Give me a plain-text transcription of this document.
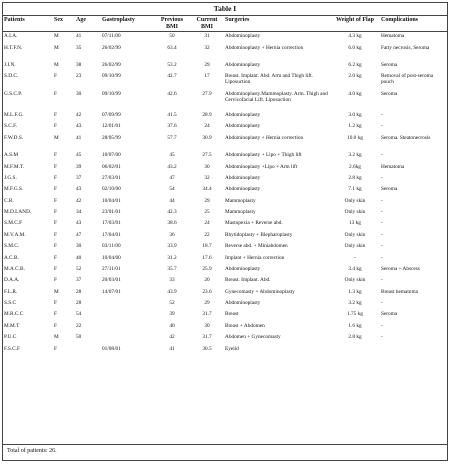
Table I
Patients	Sex	Age	Gastroplasty	Previous BMI	Current BMI	Surgeries	Weight of Flap	Complications
A.I.A.	M	41	07/11/00	50	31	Abdominoplasty	4.3 kg	Hematoma
H.T.F.N.	M	35	26/02/99	63.4	32	Abdominoplasty + Hernia correction	6.0 kg	Fatty necrosis, Seroma
J.I.N.	M	38	26/02/99	53.2	29	Abdominoplasty	6.2 kg	Seroma
S.D.C.	F	23	09/10/99	42.7	17	Breast. Implant. Abd. Arm and Thigh lift. Liposuction	2.0 kg	Removal of post-seroma pouch
G.S.C.P.	F	30	09/10/99	42.6	27.9	Abdominoplasty.Mammoplasty. Arm. Thigh and Cervicofacial Lift. Liposuction	4.0 kg	Seroma
M.L.F.G.	F	42	07/09/99	41.5	28.9	Abdominoplasty	3.0 kg	-
S.C.F.	F	43	12/01/01	37.6	24	Abdominoplasty	1.2 kg	-
F.W.D.S.	M	41	28/05/99	57.7	30.9	Abdominoplasty + Hernia correction	10.0 kg	Seroma. Steatonecrosis
A.S.M	F	45	10/07/00	45	27.5	Abdominoplasty + Lipo + Thigh lift	3.2 kg	-
M.F.M.T.	F	39	06/02/01	43.2	30	Abdominoplasty +Lipo + Arm lift	2.6kg	Hematoma
J.G.S.	F	37	27/03/01	47	32	Abdominoplasty	2.8 kg	-
M.F.G.S.	F	43	02/10/00	54	34.4	Abdominoplasty	7.1 kg	Seroma
C.R.	F	42	10/04/01	44	29	Mammoplasty	Only skin	-
M.D.LAND.	F	34	23/01/01	42.3	25	Mammoplasty	Only skin	-
S.M.C.F	F	43	17/03/01	38.6	24	Mastopexia + Reverse abd.	13 kg	-
M.V.A.M.	F	47	17/04/01	36	22	Rhytidoplasty + Blepharoplasty	Only skin	-
S.M.C.	F	30	03/11/00	33.9	18.7	Reverse abd. + Miniabdomen	Only skin	-
A.C.B.	F	40	10/04/00	31.2	17.6	Implant + Hernia correction	-	-
M.A.C.B.	F	52	27/11/01	35.7	25.9	Abdominoplasty	3.4 kg	Seroma + Abscess
D.A.A.	F	37	20/03/01	33	20	Breast. Implant. Abd.	Only skin	-
F.L.R.	M	28	14/07/01	43.9	23.6	Gynecomasty + Abdominoplasty	1.3 kg	Breast hematoma
S.S.C	F	28		52	29	Abdominoplasty	3.2 kg	-
M.R.C.C	F	54		39	31.7	Breast	1.75 kg	Seroma
M.M.T	F	22		40	30	Breast + Abdomen	1.6 kg	-
P.U.C	M	50		42	31.7	Abdomen + Gynecomasty	2.8 kg	-
F.S.C.F	F		01/08/01	41	30.5	Eyelid		
Total of patients: 26.
